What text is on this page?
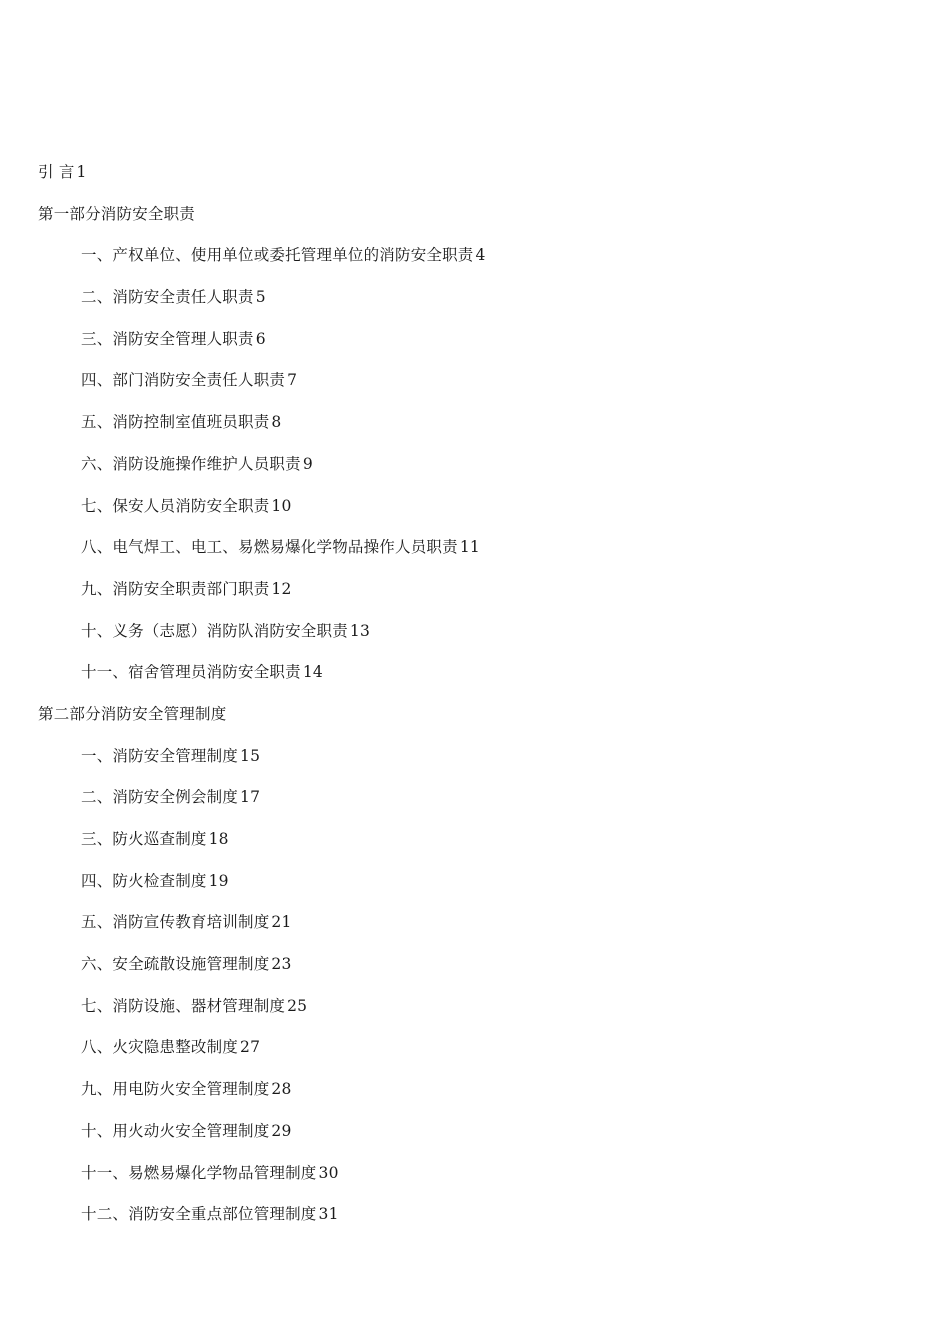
引 言 1
第一部分消防安全职责
一、产权单位、使用单位或委托管理单位的消防安全职责 4
二、消防安全责任人职责 5
三、消防安全管理人职责 6
四、部门消防安全责任人职责 7
五、消防控制室值班员职责 8
六、消防设施操作维护人员职责 9
七、保安人员消防安全职责 10
八、电气焊工、电工、易燃易爆化学物品操作人员职责 11
九、消防安全职责部门职责 12
十、义务（志愿）消防队消防安全职责 13
十一、宿舍管理员消防安全职责 14
第二部分消防安全管理制度
一、消防安全管理制度 15
二、消防安全例会制度 17
三、防火巡查制度 18
四、防火检查制度 19
五、消防宣传教育培训制度 21
六、安全疏散设施管理制度 23
七、消防设施、器材管理制度 25
八、火灾隐患整改制度 27
九、用电防火安全管理制度 28
十、用火动火安全管理制度 29
十一、易燃易爆化学物品管理制度 30
十二、消防安全重点部位管理制度 31
